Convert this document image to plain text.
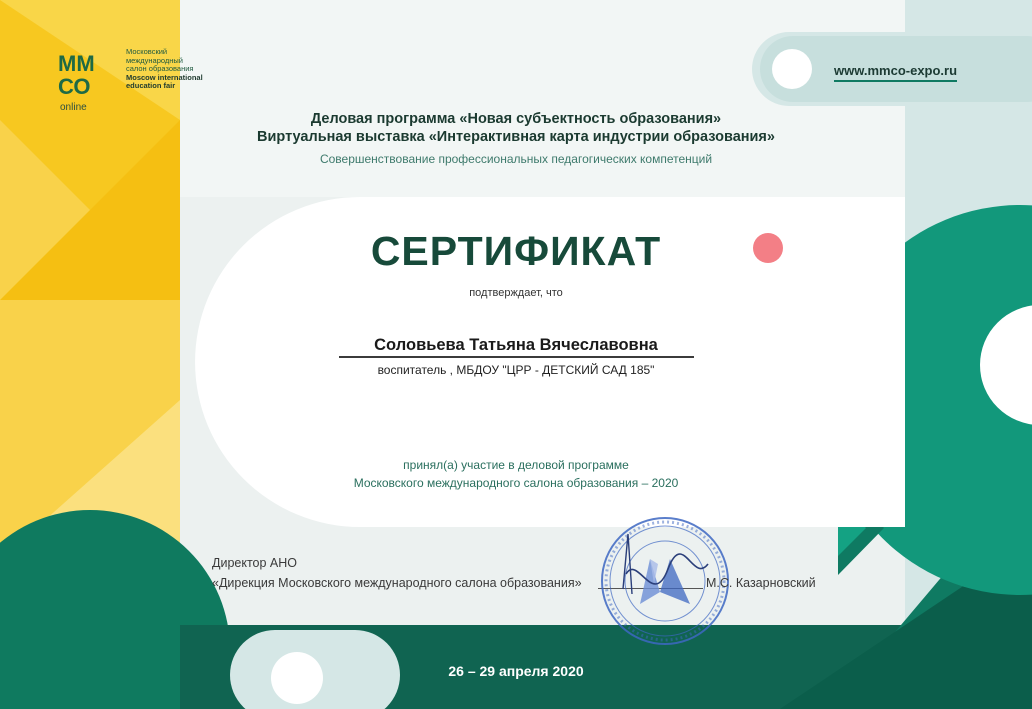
ММ
СО
Московский
международный
салон образования
Moscow international
education fair
online
www.mmco-expo.ru

Деловая программа «Новая субъектность образования»

Виртуальная выставка «Интерактивная карта индустрии образования»

Совершенствование профессиональных педагогических компетенций

СЕРТИФИКАТ

подтверждает, что

Соловьева Татьяна Вячеславовна

воспитатель , МБДОУ "ЦРР - ДЕТСКИЙ САД 185"

принял(а) участие в деловой программе

Московского международного салона образования – 2020

Директор АНО

«Дирекция Московского международного салона образования»	М.С. Казарновский

26 – 29 апреля 2020
